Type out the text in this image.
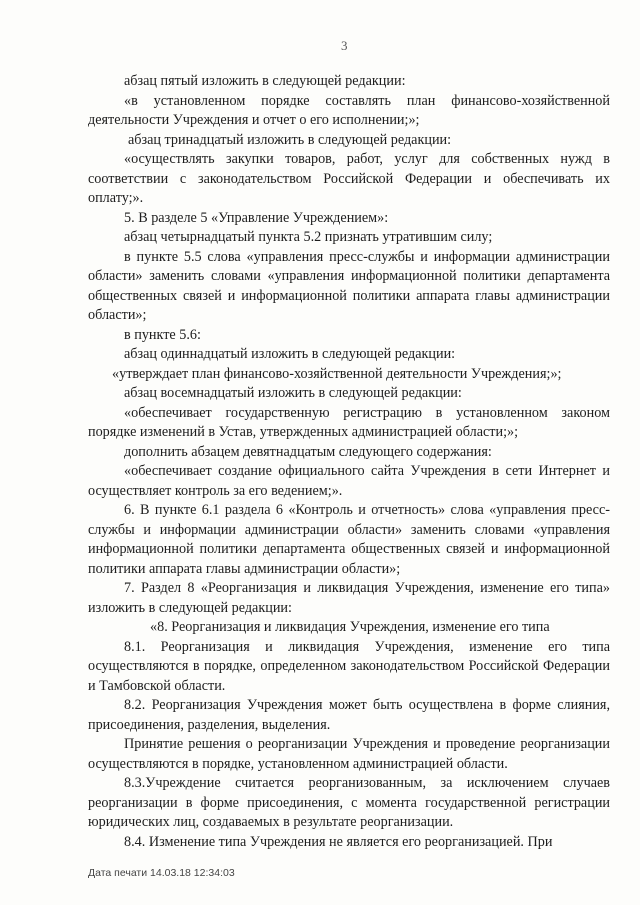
3

абзац пятый изложить в следующей редакции:

«в установленном порядке составлять план финансово-хозяйственной деятельности Учреждения и отчет о его исполнении;»;

абзац тринадцатый изложить в следующей редакции:

«осуществлять закупки товаров, работ, услуг для собственных нужд в соответствии с законодательством Российской Федерации и обеспечивать их оплату;».

5. В разделе 5 «Управление Учреждением»:

абзац четырнадцатый пункта 5.2 признать утратившим силу;

в пункте 5.5 слова «управления пресс-службы и информации администрации области» заменить словами «управления информационной политики департамента общественных связей и информационной политики аппарата главы администрации области»;

в пункте 5.6:

абзац одиннадцатый изложить в следующей редакции:

«утверждает план финансово-хозяйственной деятельности Учреждения;»;

абзац восемнадцатый изложить в следующей редакции:

«обеспечивает государственную регистрацию в установленном законом порядке изменений в Устав, утвержденных администрацией области;»;

дополнить абзацем девятнадцатым следующего содержания:

«обеспечивает создание официального сайта Учреждения в сети Интернет и осуществляет контроль за его ведением;».

6. В пункте 6.1 раздела 6 «Контроль и отчетность» слова «управления пресс-службы и информации администрации области» заменить словами «управления информационной политики департамента общественных связей и информационной политики аппарата главы администрации области»;

7. Раздел 8 «Реорганизация и ликвидация Учреждения, изменение его типа» изложить в следующей редакции:

«8. Реорганизация и ликвидация Учреждения, изменение его типа

8.1. Реорганизация и ликвидация Учреждения, изменение его типа осуществляются в порядке, определенном законодательством Российской Федерации и Тамбовской области.

8.2. Реорганизация Учреждения может быть осуществлена в форме слияния, присоединения, разделения, выделения.

Принятие решения о реорганизации Учреждения и проведение реорганизации осуществляются в порядке, установленном администрацией области.

8.3.Учреждение считается реорганизованным, за исключением случаев реорганизации в форме присоединения, с момента государственной регистрации юридических лиц, создаваемых в результате реорганизации.

8.4. Изменение типа Учреждения не является его реорганизацией. При

Дата печати 14.03.18 12:34:03
